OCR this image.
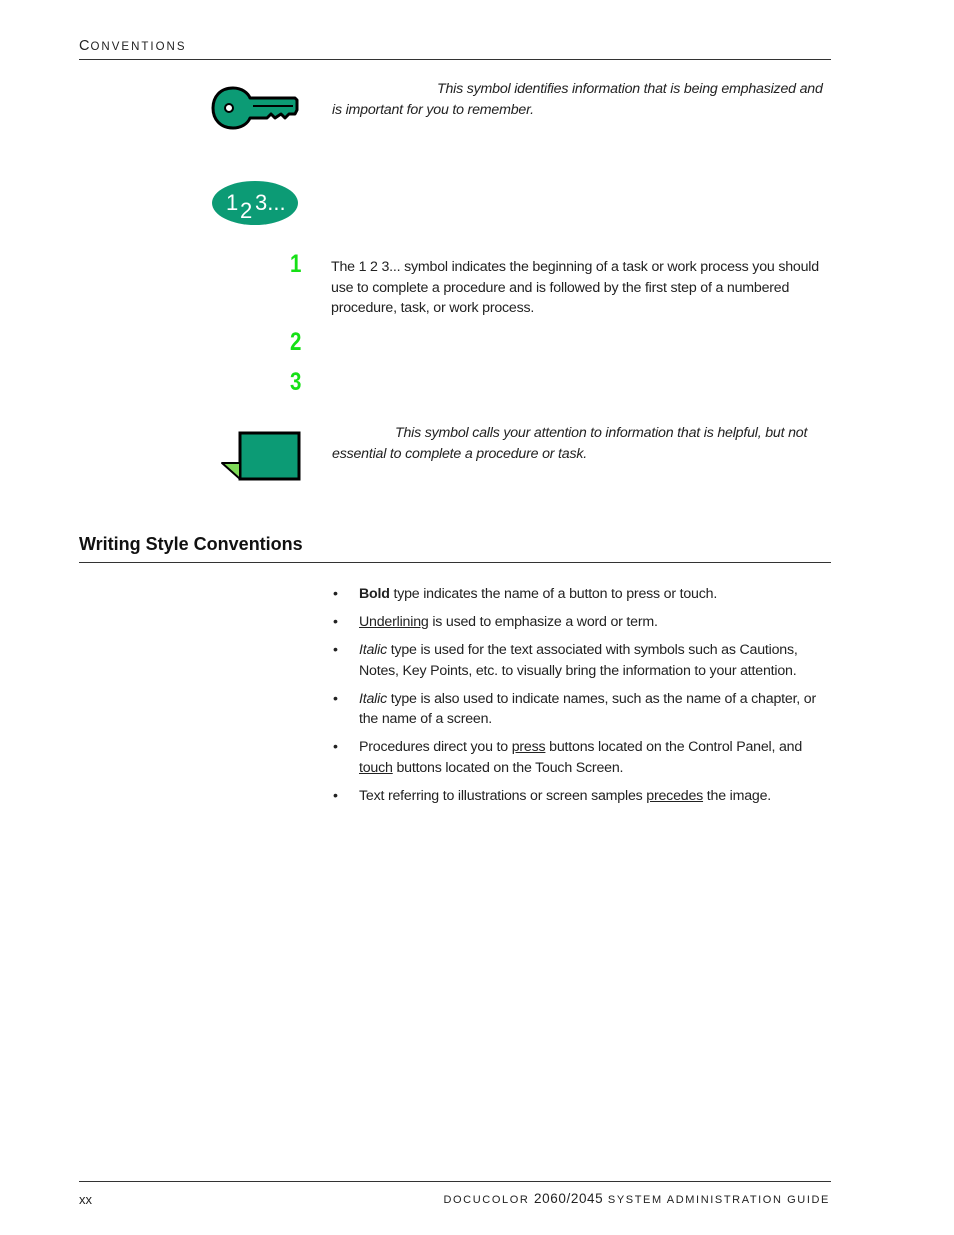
CONVENTIONS
This symbol identifies information that is being emphasized and is important for you to remember.
1 2 3...
1
2
3
The 1 2 3... symbol indicates the beginning of a task or work process you should use to complete a procedure and is followed by the first step of a numbered procedure, task, or work process.
This symbol calls your attention to information that is helpful, but not essential to complete a procedure or task.
Writing Style Conventions
• Bold type indicates the name of a button to press or touch.
• Underlining is used to emphasize a word or term.
• Italic type is used for the text associated with symbols such as Cautions, Notes, Key Points, etc. to visually bring the information to your attention.
• Italic type is also used to indicate names, such as the name of a chapter, or the name of a screen.
• Procedures direct you to press buttons located on the Control Panel, and touch buttons located on the Touch Screen.
• Text referring to illustrations or screen samples precedes the image.
xx	DOCUCOLOR 2060/2045 SYSTEM ADMINISTRATION GUIDE
